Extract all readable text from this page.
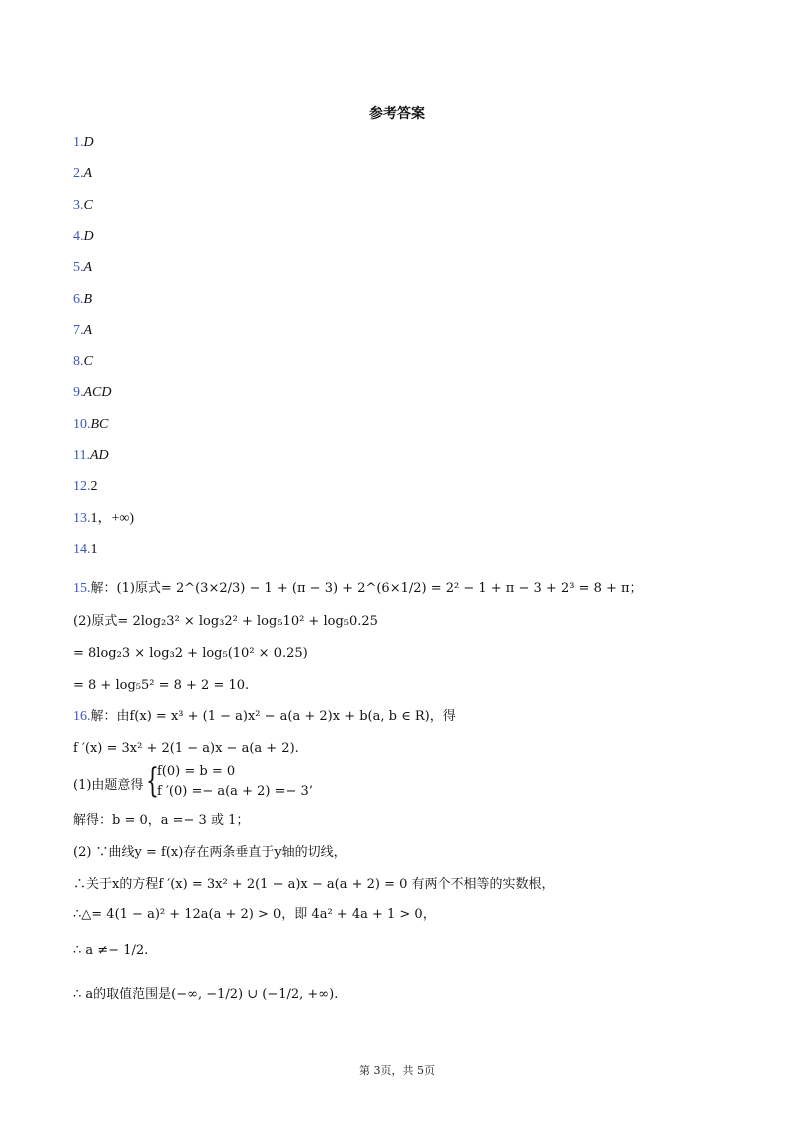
参考答案
1.D
2.A
3.C
4.D
5.A
6.B
7.A
8.C
9.ACD
10.BC
11.AD
12.2
13.1，+∞)
14.1
15.解：(1)原式= 2^(3×2/3) − 1 + (π − 3) + 2^(6×1/2) = 2² − 1 + π − 3 + 2³ = 8 + π；
(2)原式= 2log₂3² × log₃2² + log₅10² + log₅0.25
= 8log₂3 × log₃2 + log₅(10² × 0.25)
= 8 + log₅5² = 8 + 2 = 10.
16.解：由f(x) = x³ + (1 − a)x² − a(a + 2)x + b(a, b ∈ R)，得
f ′(x) = 3x² + 2(1 − a)x − a(a + 2).
(1)由题意得 {
f(0) = b = 0
f ′(0) =− a(a + 2) =− 3’
解得：b = 0，a =− 3 或 1；
(2) ∵曲线y = f(x)存在两条垂直于y轴的切线，
∴关于x的方程f ′(x) = 3x² + 2(1 − a)x − a(a + 2) = 0 有两个不相等的实数根，
∴△= 4(1 − a)² + 12a(a + 2) > 0，即 4a² + 4a + 1 > 0，
∴ a ≠− 1/2.
∴ a的取值范围是(−∞, −1/2) ∪ (−1/2, +∞).
第 3页，共 5页
